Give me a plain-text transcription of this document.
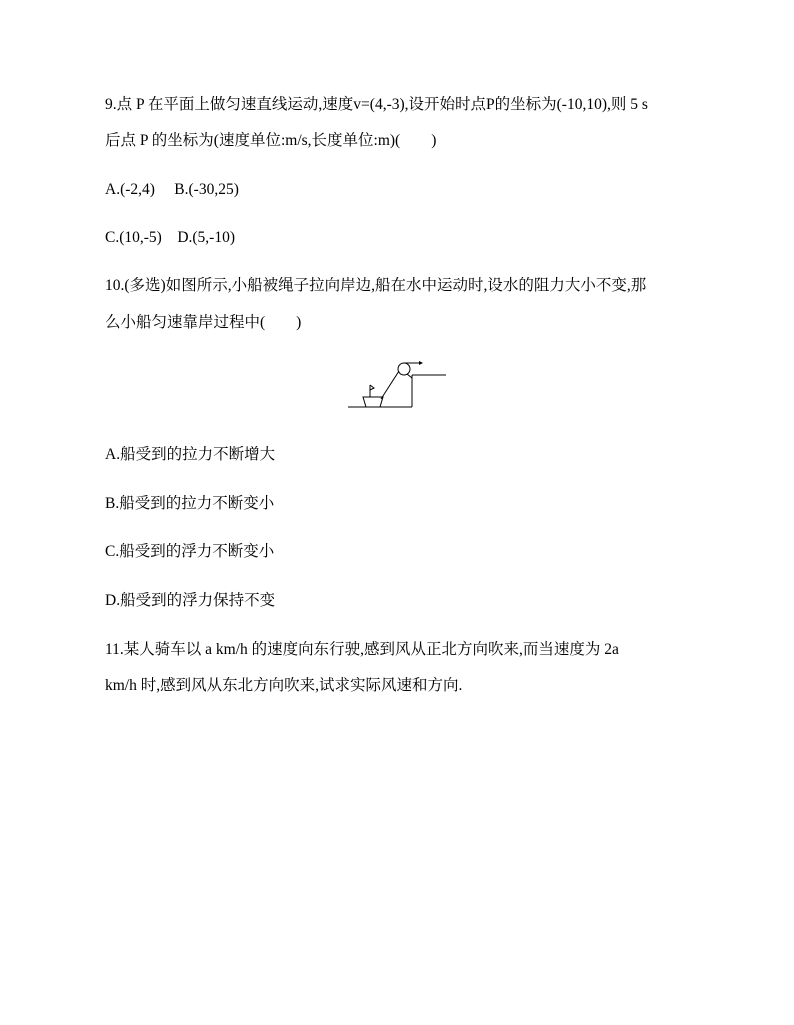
9.点 P 在平面上做匀速直线运动,速度v=(4,-3),设开始时点P的坐标为(-10,10),则 5 s
后点 P 的坐标为(速度单位:m/s,长度单位:m)(　　)
A.(-2,4)　 B.(-30,25)
C.(10,-5)　D.(5,-10)
10.(多选)如图所示,小船被绳子拉向岸边,船在水中运动时,设水的阻力大小不变,那
么小船匀速靠岸过程中(　　)
A.船受到的拉力不断增大
B.船受到的拉力不断变小
C.船受到的浮力不断变小
D.船受到的浮力保持不变
11.某人骑车以 a km/h 的速度向东行驶,感到风从正北方向吹来,而当速度为 2a
km/h 时,感到风从东北方向吹来,试求实际风速和方向.
